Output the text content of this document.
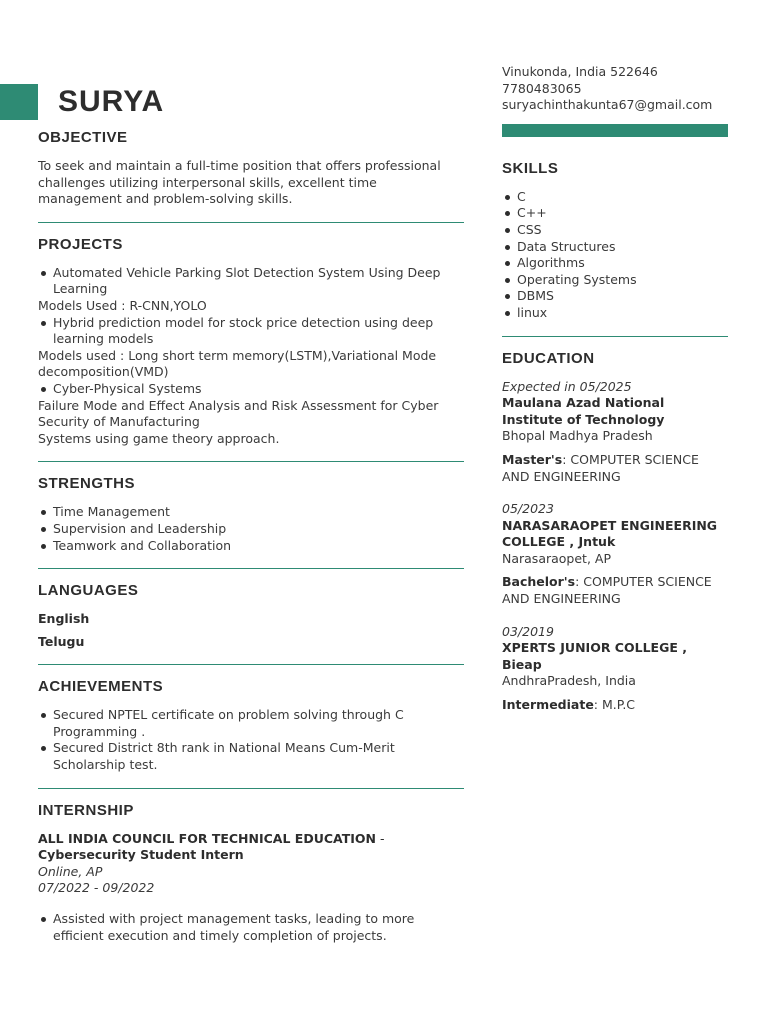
SURYA
OBJECTIVE

To seek and maintain a full-time position that offers professional challenges utilizing interpersonal skills, excellent time management and problem-solving skills.

PROJECTS
Automated Vehicle Parking Slot Detection System Using Deep Learning

Models Used : R-CNN,YOLO

Hybrid prediction model for stock price detection using deep learning models

Models used : Long short term memory(LSTM),Variational Mode decomposition(VMD)

Cyber-Physical Systems

Failure Mode and Effect Analysis and Risk Assessment for Cyber Security of Manufacturing

Systems using game theory approach.

STRENGTHS
Time Management
Supervision and Leadership
Teamwork and Collaboration
LANGUAGES

English

Telugu

ACHIEVEMENTS
Secured NPTEL certificate on problem solving through C Programming .
Secured District 8th rank in National Means Cum-Merit Scholarship test.
INTERNSHIP

ALL INDIA COUNCIL FOR TECHNICAL EDUCATION - Cybersecurity Student Intern

Online, AP

07/2022 - 09/2022

Assisted with project management tasks, leading to more efficient execution and timely completion of projects.

Vinukonda, India 522646

7780483065

suryachinthakunta67@gmail.com

SKILLS
C
C++
CSS
Data Structures
Algorithms
Operating Systems
DBMS
linux
EDUCATION

Expected in 05/2025

Maulana Azad National Institute of Technology

Bhopal Madhya Pradesh

Master's: COMPUTER SCIENCE AND ENGINEERING

05/2023

NARASARAOPET ENGINEERING COLLEGE , Jntuk

Narasaraopet, AP

Bachelor's: COMPUTER SCIENCE AND ENGINEERING

03/2019

XPERTS JUNIOR COLLEGE , Bieap

AndhraPradesh, India

Intermediate: M.P.C
